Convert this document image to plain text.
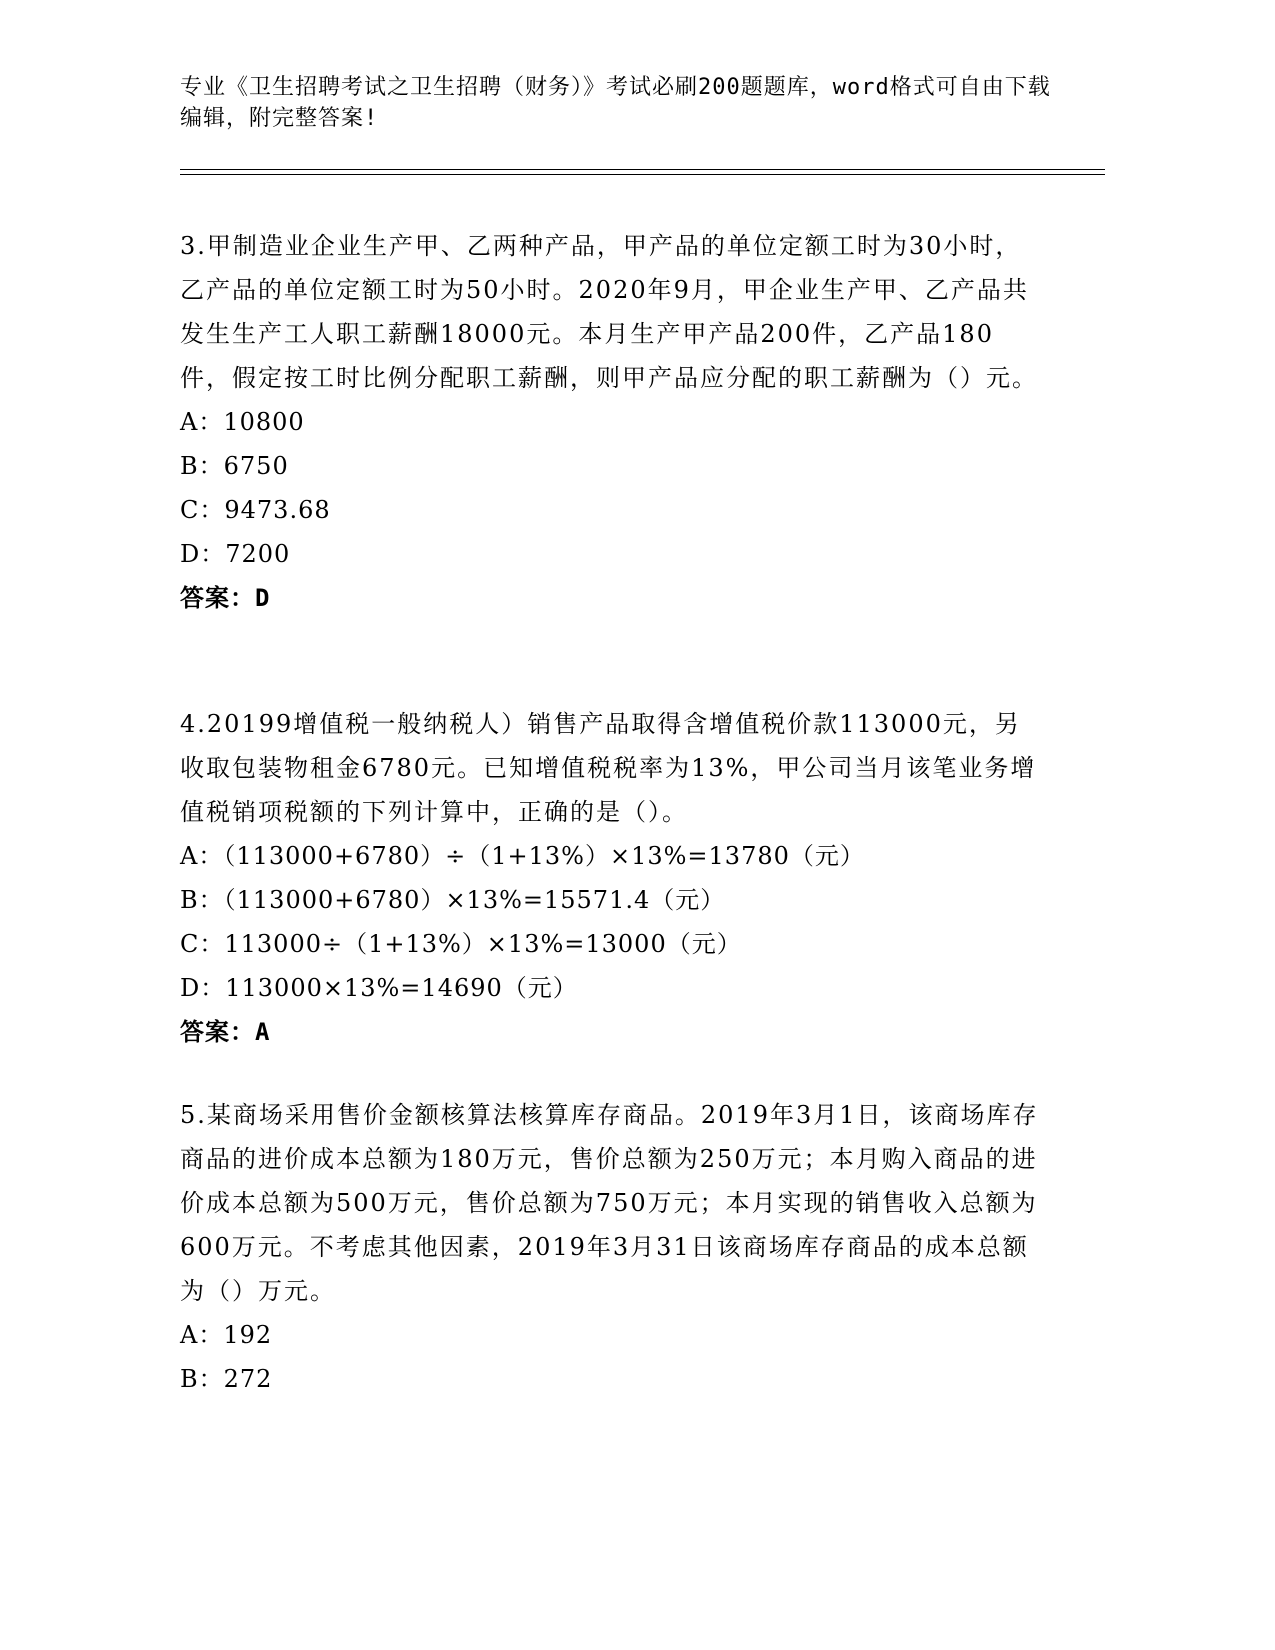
专业《卫生招聘考试之卫生招聘（财务）》考试必刷200题题库，word格式可自由下载编辑，附完整答案!
3.甲制造业企业生产甲、乙两种产品，甲产品的单位定额工时为30小时，乙产品的单位定额工时为50小时。2020年9月，甲企业生产甲、乙产品共发生生产工人职工薪酬18000元。本月生产甲产品200件，乙产品180件，假定按工时比例分配职工薪酬，则甲产品应分配的职工薪酬为（）元。
A：10800
B：6750
C：9473.68
D：7200
答案：D
4.20199增值税一般纳税人）销售产品取得含增值税价款113000元，另收取包装物租金6780元。已知增值税税率为13%，甲公司当月该笔业务增值税销项税额的下列计算中，正确的是（）。
A：（113000+6780）÷（1+13%）×13%=13780（元）
B：（113000+6780）×13%=15571.4（元）
C：113000÷（1+13%）×13%=13000（元）
D：113000×13%=14690（元）
答案：A
5.某商场采用售价金额核算法核算库存商品。2019年3月1日，该商场库存商品的进价成本总额为180万元，售价总额为250万元；本月购入商品的进价成本总额为500万元，售价总额为750万元；本月实现的销售收入总额为600万元。不考虑其他因素，2019年3月31日该商场库存商品的成本总额为（）万元。
A：192
B：272
